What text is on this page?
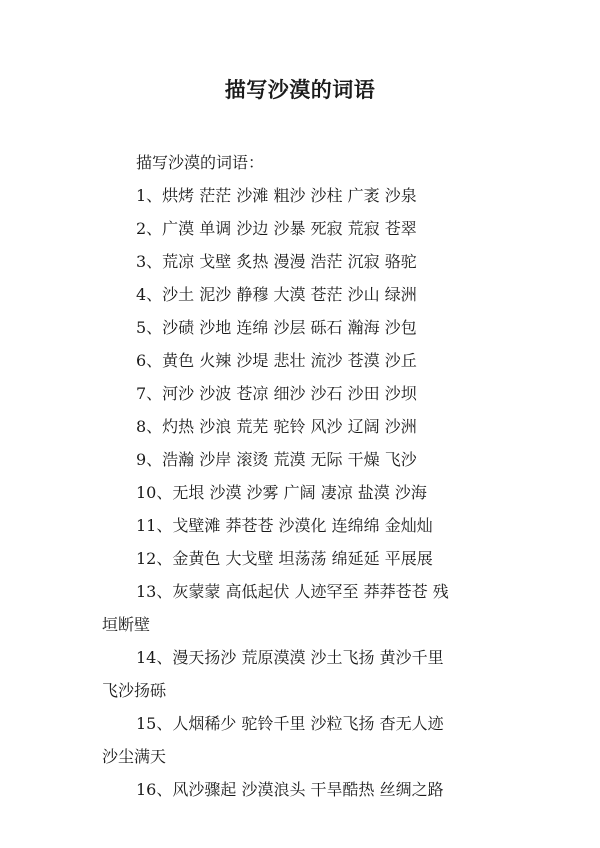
描写沙漠的词语
描写沙漠的词语：
1、烘烤 茫茫 沙滩 粗沙 沙柱 广袤 沙泉
2、广漠 单调 沙边 沙暴 死寂 荒寂 苍翠
3、荒凉 戈壁 炙热 漫漫 浩茫 沉寂 骆驼
4、沙土 泥沙 静穆 大漠 苍茫 沙山 绿洲
5、沙碛 沙地 连绵 沙层 砾石 瀚海 沙包
6、黄色 火辣 沙堤 悲壮 流沙 苍漠 沙丘
7、河沙 沙波 苍凉 细沙 沙石 沙田 沙坝
8、灼热 沙浪 荒芜 驼铃 风沙 辽阔 沙洲
9、浩瀚 沙岸 滚烫 荒漠 无际 干燥 飞沙
10、无垠 沙漠 沙雾 广阔 凄凉 盐漠 沙海
11、戈壁滩 莽苍苍 沙漠化 连绵绵 金灿灿
12、金黄色 大戈壁 坦荡荡 绵延延 平展展
13、灰蒙蒙 高低起伏 人迹罕至 莽莽苍苍 残
垣断壁
14、漫天扬沙 荒原漠漠 沙土飞扬 黄沙千里
飞沙扬砾
15、人烟稀少 驼铃千里 沙粒飞扬 杳无人迹
沙尘满天
16、风沙骤起 沙漠浪头 干旱酷热 丝绸之路
